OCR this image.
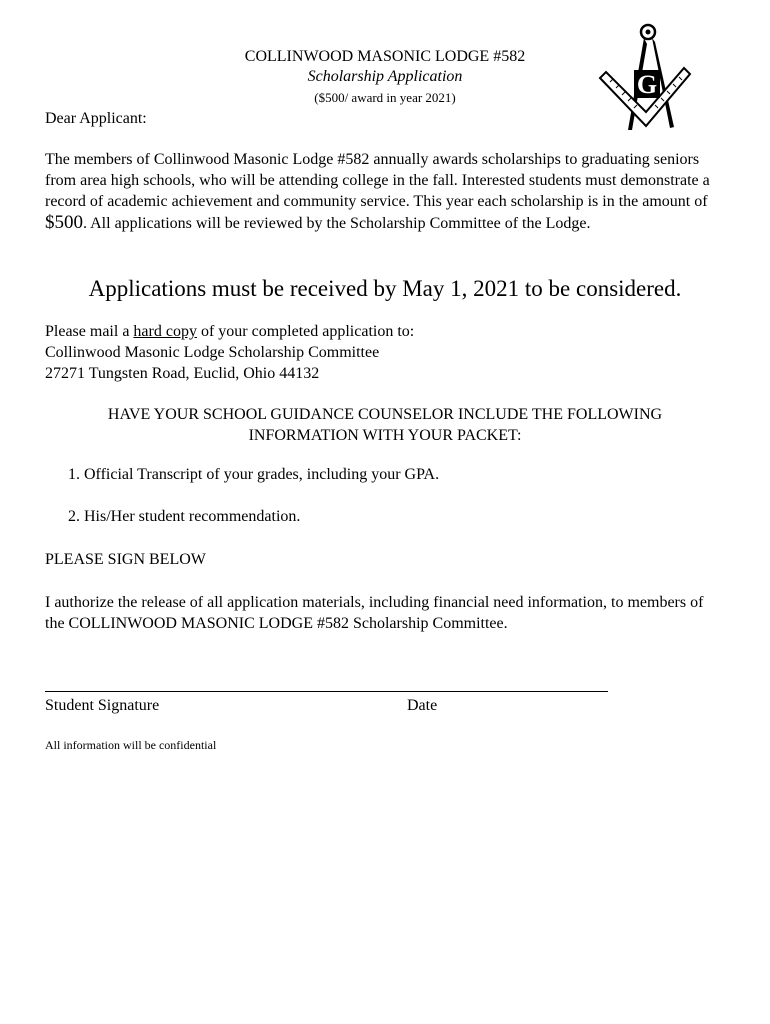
COLLINWOOD MASONIC LODGE #582
Scholarship Application
($500/ award in year 2021)	G
Dear Applicant:
The members of Collinwood Masonic Lodge #582 annually awards scholarships to graduating seniors from area high schools, who will be attending college in the fall. Interested students must demonstrate a record of academic achievement and community service. This year each scholarship is in the amount of $500. All applications will be reviewed by the Scholarship Committee of the Lodge.
Applications must be received by May 1, 2021 to be considered.
Please mail a hard copy of your completed application to:
Collinwood Masonic Lodge Scholarship Committee
27271 Tungsten Road, Euclid, Ohio 44132
HAVE YOUR SCHOOL GUIDANCE COUNSELOR INCLUDE THE FOLLOWING
INFORMATION WITH YOUR PACKET:
1. Official Transcript of your grades, including your GPA.
2. His/Her student recommendation.
PLEASE SIGN BELOW
I authorize the release of all application materials, including financial need information, to members of the COLLINWOOD MASONIC LODGE #582 Scholarship Committee.
Student Signature	Date
All information will be confidential
